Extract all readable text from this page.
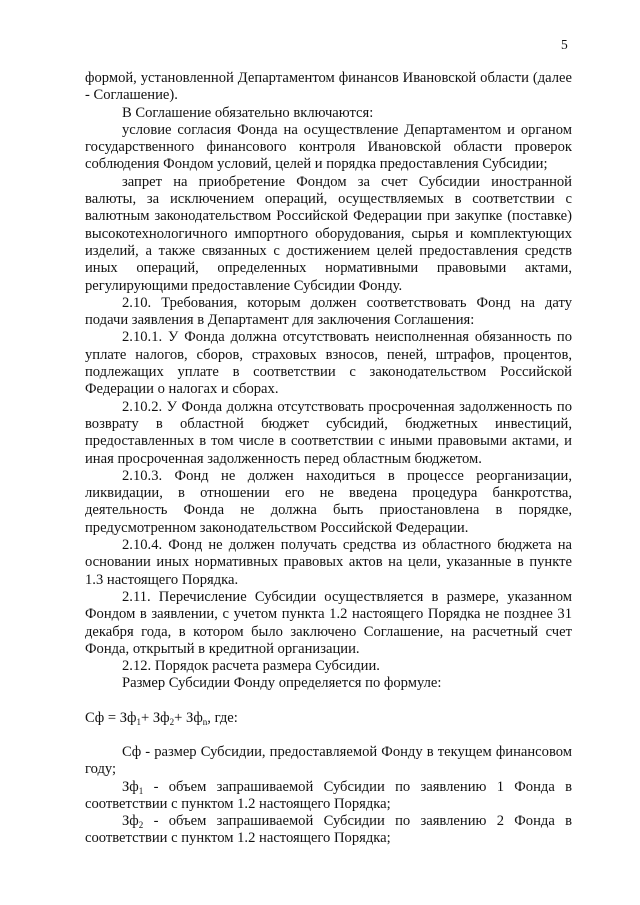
5

формой, установленной Департаментом финансов Ивановской области (далее - Соглашение).

В Соглашение обязательно включаются:

условие согласия Фонда на осуществление Департаментом и органом государственного финансового контроля Ивановской области проверок соблюдения Фондом условий, целей и порядка предоставления Субсидии;

запрет на приобретение Фондом за счет Субсидии иностранной валюты, за исключением операций, осуществляемых в соответствии с валютным законодательством Российской Федерации при закупке (поставке) высокотехнологичного импортного оборудования, сырья и комплектующих изделий, а также связанных с достижением целей предоставления средств иных операций, определенных нормативными правовыми актами, регулирующими предоставление Субсидии Фонду.

2.10. Требования, которым должен соответствовать Фонд на дату подачи заявления в Департамент для заключения Соглашения:

2.10.1. У Фонда должна отсутствовать неисполненная обязанность по уплате налогов, сборов, страховых взносов, пеней, штрафов, процентов, подлежащих уплате в соответствии с законодательством Российской Федерации о налогах и сборах.

2.10.2. У Фонда должна отсутствовать просроченная задолженность по возврату в областной бюджет субсидий, бюджетных инвестиций, предоставленных в том числе в соответствии с иными правовыми актами, и иная просроченная задолженность перед областным бюджетом.

2.10.3. Фонд не должен находиться в процессе реорганизации, ликвидации, в отношении его не введена процедура банкротства, деятельность Фонда не должна быть приостановлена в порядке, предусмотренном законодательством Российской Федерации.

2.10.4. Фонд не должен получать средства из областного бюджета на основании иных нормативных правовых актов на цели, указанные в пункте 1.3 настоящего Порядка.

2.11. Перечисление Субсидии осуществляется в размере, указанном Фондом в заявлении, с учетом пункта 1.2 настоящего Порядка не позднее 31 декабря года, в котором было заключено Соглашение, на расчетный счет Фонда, открытый в кредитной организации.

2.12. Порядок расчета размера Субсидии.

Размер Субсидии Фонду определяется по формуле:

Сф = $Зф_1+ Зф_2+ Зф_n$, где:

Сф - размер Субсидии, предоставляемой Фонду в текущем финансовом году;

$Зф_1$ - объем запрашиваемой Субсидии по заявлению 1 Фонда в соответствии с пунктом 1.2 настоящего Порядка;

$Зф_2$ - объем запрашиваемой Субсидии по заявлению 2 Фонда в соответствии с пунктом 1.2 настоящего Порядка;
